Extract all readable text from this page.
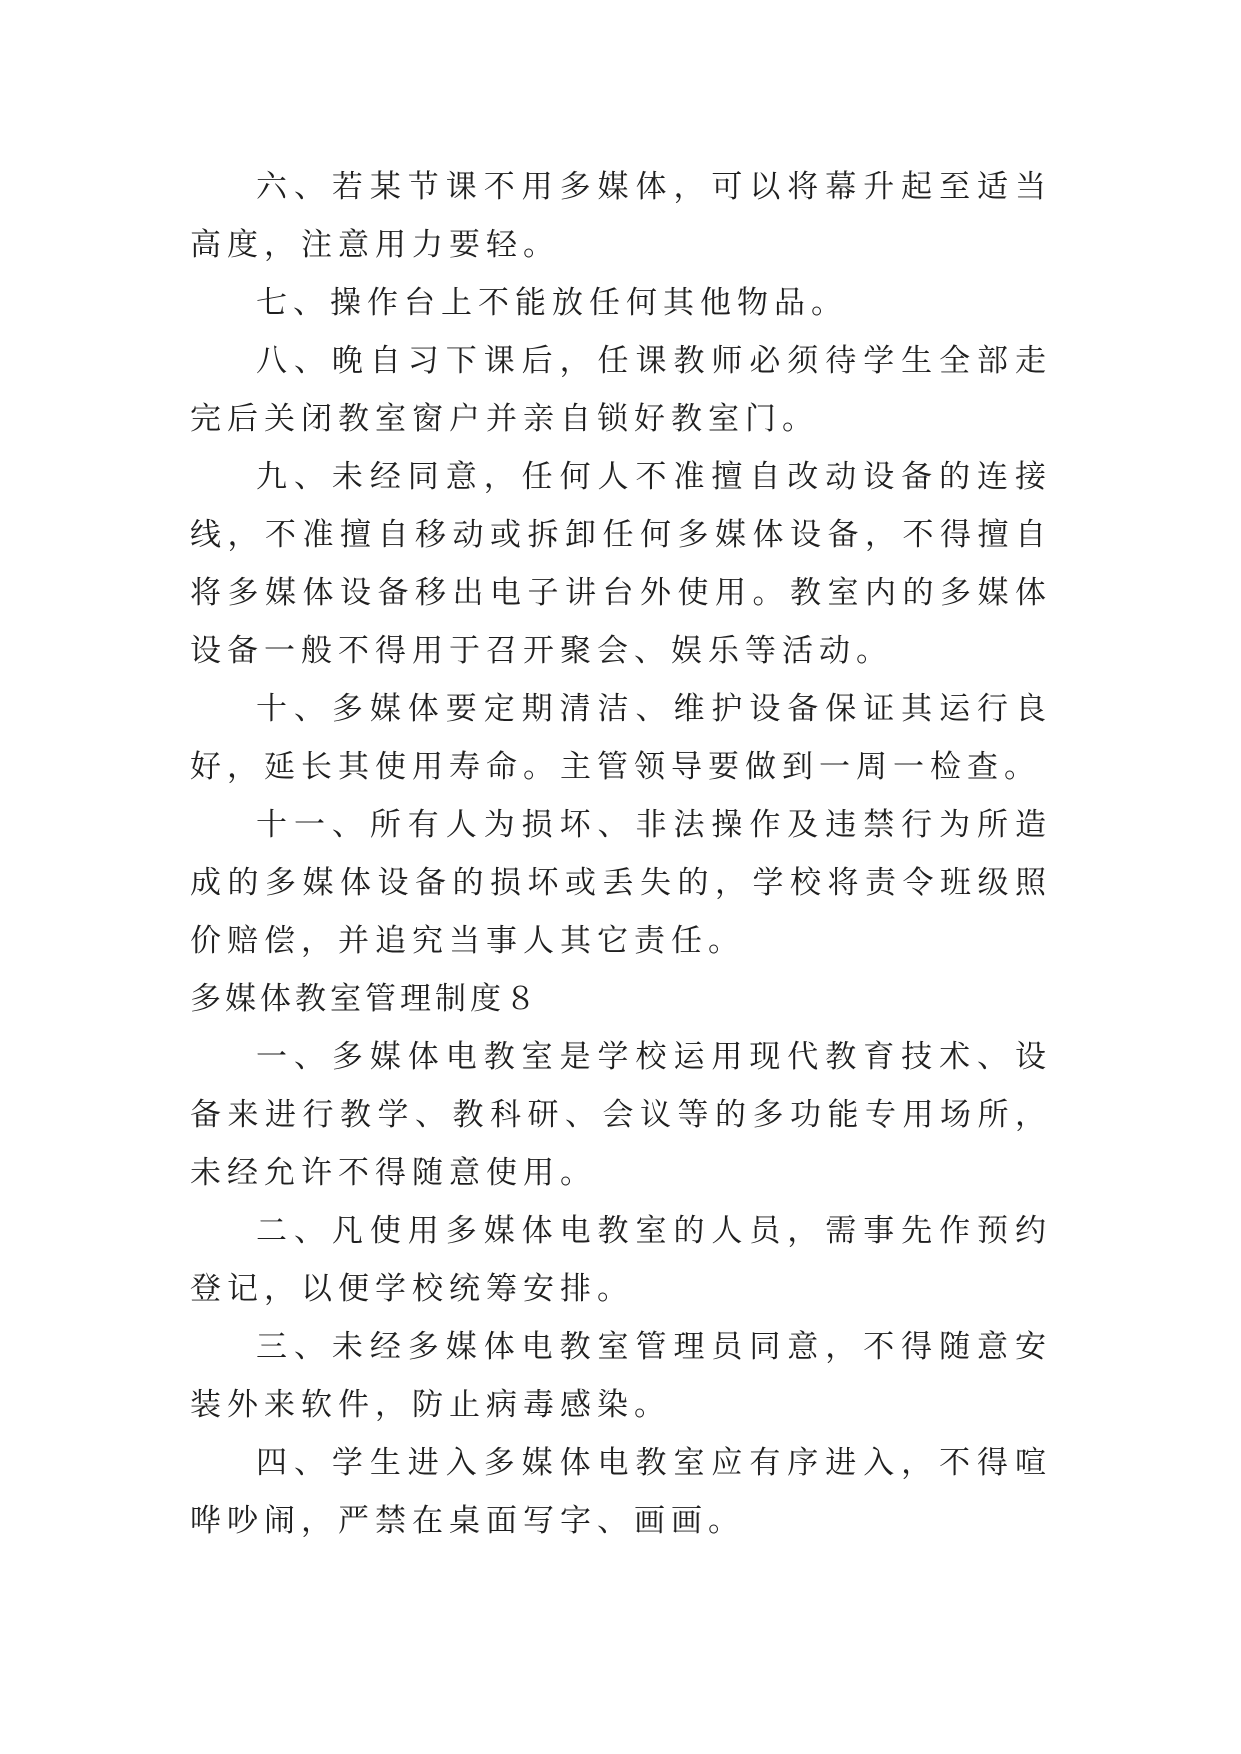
六、若某节课不用多媒体，可以将幕升起至适当高度，注意用力要轻。

七、操作台上不能放任何其他物品。

八、晚自习下课后，任课教师必须待学生全部走完后关闭教室窗户并亲自锁好教室门。

九、未经同意，任何人不准擅自改动设备的连接线，不准擅自移动或拆卸任何多媒体设备，不得擅自将多媒体设备移出电子讲台外使用。教室内的多媒体设备一般不得用于召开聚会、娱乐等活动。

十、多媒体要定期清洁、维护设备保证其运行良好，延长其使用寿命。主管领导要做到一周一检查。

十一、所有人为损坏、非法操作及违禁行为所造成的多媒体设备的损坏或丢失的，学校将责令班级照价赔偿，并追究当事人其它责任。

多媒体教室管理制度８

一、多媒体电教室是学校运用现代教育技术、设备来进行教学、教科研、会议等的多功能专用场所，未经允许不得随意使用。

二、凡使用多媒体电教室的人员，需事先作预约登记，以便学校统筹安排。

三、未经多媒体电教室管理员同意，不得随意安装外来软件，防止病毒感染。

四、学生进入多媒体电教室应有序进入，不得喧哗吵闹，严禁在桌面写字、画画。
